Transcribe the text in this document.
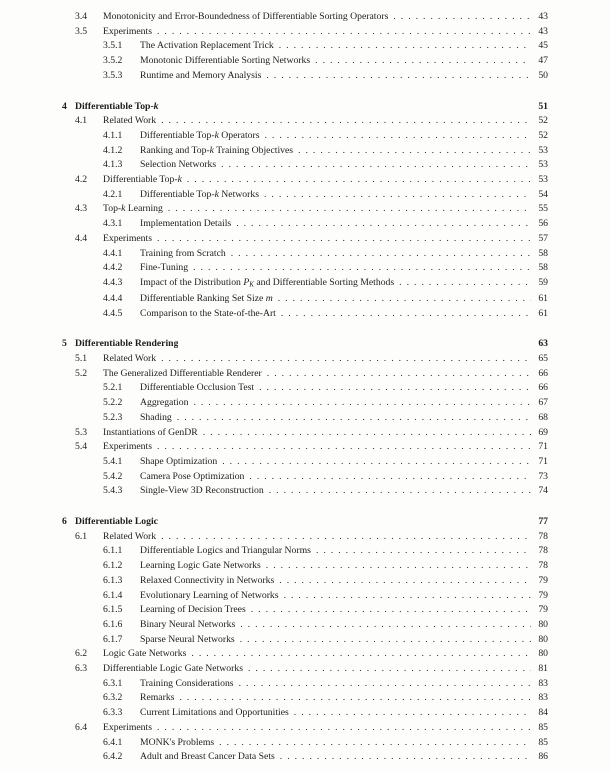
3.4	Monotonicity and Error-Boundedness of Differentiable Sorting Operators .....	43
3.5	Experiments .....	43
3.5.1	The Activation Replacement Trick .....	45
3.5.2	Monotonic Differentiable Sorting Networks .....	47
3.5.3	Runtime and Memory Analysis .....	50
4 Differentiable Top-k	51
4.1	Related Work .....	52
4.1.1	Differentiable Top-k Operators .....	52
4.1.2	Ranking and Top-k Training Objectives .....	53
4.1.3	Selection Networks .....	53
4.2	Differentiable Top-k .....	53
4.2.1	Differentiable Top-k Networks .....	54
4.3	Top-k Learning .....	55
4.3.1	Implementation Details .....	56
4.4	Experiments .....	57
4.4.1	Training from Scratch .....	58
4.4.2	Fine-Tuning .....	58
4.4.3	Impact of the Distribution PK and Differentiable Sorting Methods .....	59
4.4.4	Differentiable Ranking Set Size m .....	61
4.4.5	Comparison to the State-of-the-Art .....	61
5 Differentiable Rendering	63
5.1	Related Work .....	65
5.2	The Generalized Differentiable Renderer .....	66
5.2.1	Differentiable Occlusion Test .....	66
5.2.2	Aggregation .....	67
5.2.3	Shading .....	68
5.3	Instantiations of GenDR .....	69
5.4	Experiments .....	71
5.4.1	Shape Optimization .....	71
5.4.2	Camera Pose Optimization .....	73
5.4.3	Single-View 3D Reconstruction .....	74
6 Differentiable Logic	77
6.1	Related Work .....	78
6.1.1	Differentiable Logics and Triangular Norms .....	78
6.1.2	Learning Logic Gate Networks .....	78
6.1.3	Relaxed Connectivity in Networks .....	79
6.1.4	Evolutionary Learning of Networks .....	79
6.1.5	Learning of Decision Trees .....	79
6.1.6	Binary Neural Networks .....	80
6.1.7	Sparse Neural Networks .....	80
6.2	Logic Gate Networks .....	80
6.3	Differentiable Logic Gate Networks .....	81
6.3.1	Training Considerations .....	83
6.3.2	Remarks .....	83
6.3.3	Current Limitations and Opportunities .....	84
6.4	Experiments .....	85
6.4.1	MONK's Problems .....	85
6.4.2	Adult and Breast Cancer Data Sets .....	86
